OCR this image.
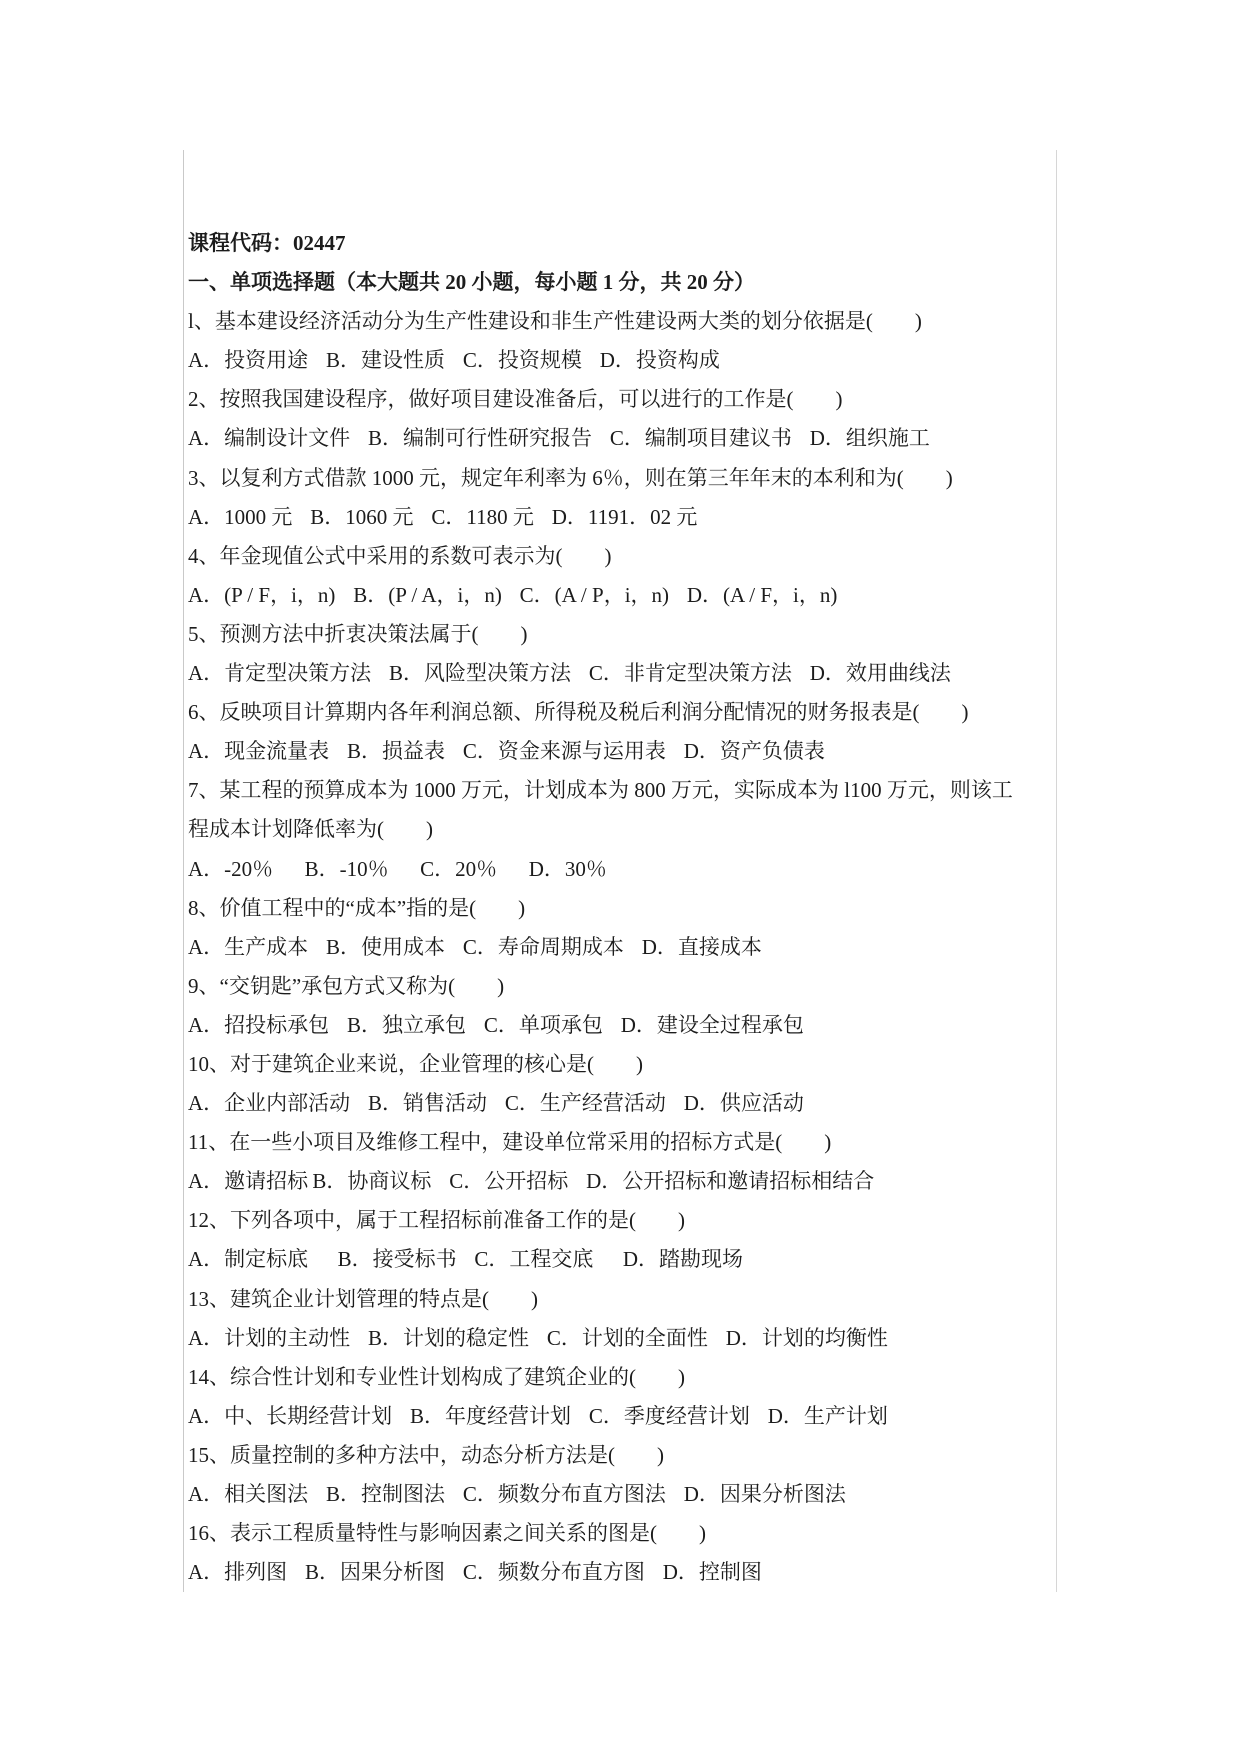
课程代码：02447
一、单项选择题（本大题共 20 小题，每小题 1 分，共 20 分）
l、基本建设经济活动分为生产性建设和非生产性建设两大类的划分依据是(　　)
A．投资用途 B．建设性质 C．投资规模 D．投资构成
2、按照我国建设程序，做好项目建设准备后，可以进行的工作是(　　)
A．编制设计文件 B．编制可行性研究报告 C．编制项目建议书 D．组织施工
3、以复利方式借款 1000 元，规定年利率为 6％，则在第三年年末的本利和为(　　)
A．1000 元 B．1060 元 C．1180 元 D．1191．02 元
4、年金现值公式中采用的系数可表示为(　　)
A．(P / F，i，n) B．(P / A，i，n) C．(A / P，i，n) D．(A / F，i，n)
5、预测方法中折衷决策法属于(　　)
A．肯定型决策方法 B．风险型决策方法 C．非肯定型决策方法 D．效用曲线法
6、反映项目计算期内各年利润总额、所得税及税后利润分配情况的财务报表是(　　)
A．现金流量表 B．损益表 C．资金来源与运用表 D．资产负债表
7、某工程的预算成本为 1000 万元，计划成本为 800 万元，实际成本为 l100 万元，则该工
程成本计划降低率为(　　)
A．-20％ B．-10％ C．20％ D．30％
8、价值工程中的“成本”指的是(　　)
A．生产成本 B．使用成本 C．寿命周期成本 D．直接成本
9、“交钥匙”承包方式又称为(　　)
A．招投标承包 B．独立承包 C．单项承包 D．建设全过程承包
10、对于建筑企业来说，企业管理的核心是(　　)
A．企业内部活动 B．销售活动 C．生产经营活动 D．供应活动
11、在一些小项目及维修工程中，建设单位常采用的招标方式是(　　)
A．邀请招标 B．协商议标 C．公开招标 D．公开招标和邀请招标相结合
12、下列各项中，属于工程招标前准备工作的是(　　)
A．制定标底 B．接受标书 C．工程交底 D．踏勘现场
13、建筑企业计划管理的特点是(　　)
A．计划的主动性 B．计划的稳定性 C．计划的全面性 D．计划的均衡性
14、综合性计划和专业性计划构成了建筑企业的(　　)
A．中、长期经营计划 B．年度经营计划 C．季度经营计划 D．生产计划
15、质量控制的多种方法中，动态分析方法是(　　)
A．相关图法 B．控制图法 C．频数分布直方图法 D．因果分析图法
16、表示工程质量特性与影响因素之间关系的图是(　　)
A．排列图 B．因果分析图 C．频数分布直方图 D．控制图
